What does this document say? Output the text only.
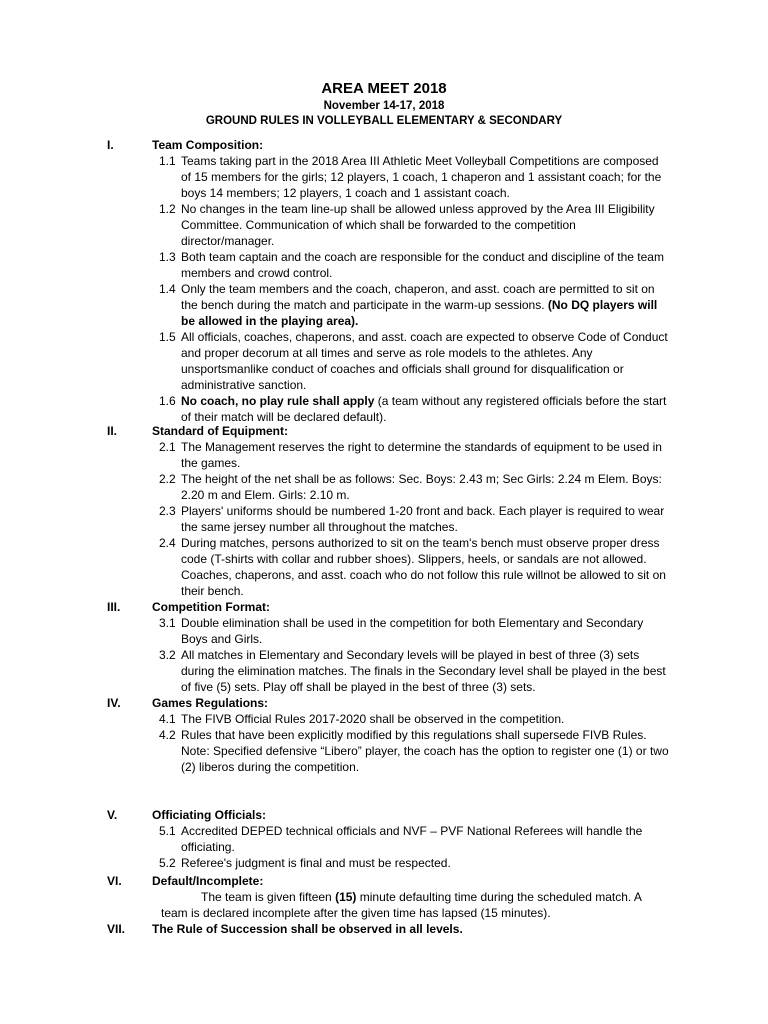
AREA MEET 2018
November 14-17, 2018
GROUND RULES IN VOLLEYBALL ELEMENTARY & SECONDARY
I.	Team Composition:
1.1 Teams taking part in the 2018 Area III Athletic Meet Volleyball Competitions are composed of 15 members for the girls; 12 players, 1 coach, 1 chaperon and 1 assistant coach; for the boys 14 members; 12 players, 1 coach and 1 assistant coach.
1.2 No changes in the team line-up shall be allowed unless approved by the Area III Eligibility Committee. Communication of which shall be forwarded to the competition director/manager.
1.3 Both team captain and the coach are responsible for the conduct and discipline of the team members and crowd control.
1.4 Only the team members and the coach, chaperon, and asst. coach are permitted to sit on the bench during the match and participate in the warm-up sessions. (No DQ players will be allowed in the playing area).
1.5 All officials, coaches, chaperons, and asst. coach are expected to observe Code of Conduct and proper decorum at all times and serve as role models to the athletes. Any unsportsmanlike conduct of coaches and officials shall ground for disqualification or administrative sanction.
1.6 No coach, no play rule shall apply (a team without any registered officials before the start of their match will be declared default).
II.	Standard of Equipment:
2.1 The Management reserves the right to determine the standards of equipment to be used in the games.
2.2 The height of the net shall be as follows: Sec. Boys: 2.43 m; Sec Girls: 2.24 m Elem. Boys: 2.20 m and Elem. Girls: 2.10 m.
2.3 Players' uniforms should be numbered 1-20 front and back. Each player is required to wear the same jersey number all throughout the matches.
2.4 During matches, persons authorized to sit on the team's bench must observe proper dress code (T-shirts with collar and rubber shoes). Slippers, heels, or sandals are not allowed. Coaches, chaperons, and asst. coach who do not follow this rule willnot be allowed to sit on their bench.
III.	Competition Format:
3.1 Double elimination shall be used in the competition for both Elementary and Secondary Boys and Girls.
3.2 All matches in Elementary and Secondary levels will be played in best of three (3) sets during the elimination matches. The finals in the Secondary level shall be played in the best of five (5) sets. Play off shall be played in the best of three (3) sets.
IV.	Games Regulations:
4.1 The FIVB Official Rules 2017-2020 shall be observed in the competition.
4.2 Rules that have been explicitly modified by this regulations shall supersede FIVB Rules. Note: Specified defensive “Libero” player, the coach has the option to register one (1) or two (2) liberos during the competition.
V.	Officiating Officials:
5.1 Accredited DEPED technical officials and NVF – PVF National Referees will handle the officiating.
5.2 Referee's judgment is final and must be respected.
VI.	Default/Incomplete:
The team is given fifteen (15) minute defaulting time during the scheduled match. A team is declared incomplete after the given time has lapsed (15 minutes).
VII. The Rule of Succession shall be observed in all levels.
